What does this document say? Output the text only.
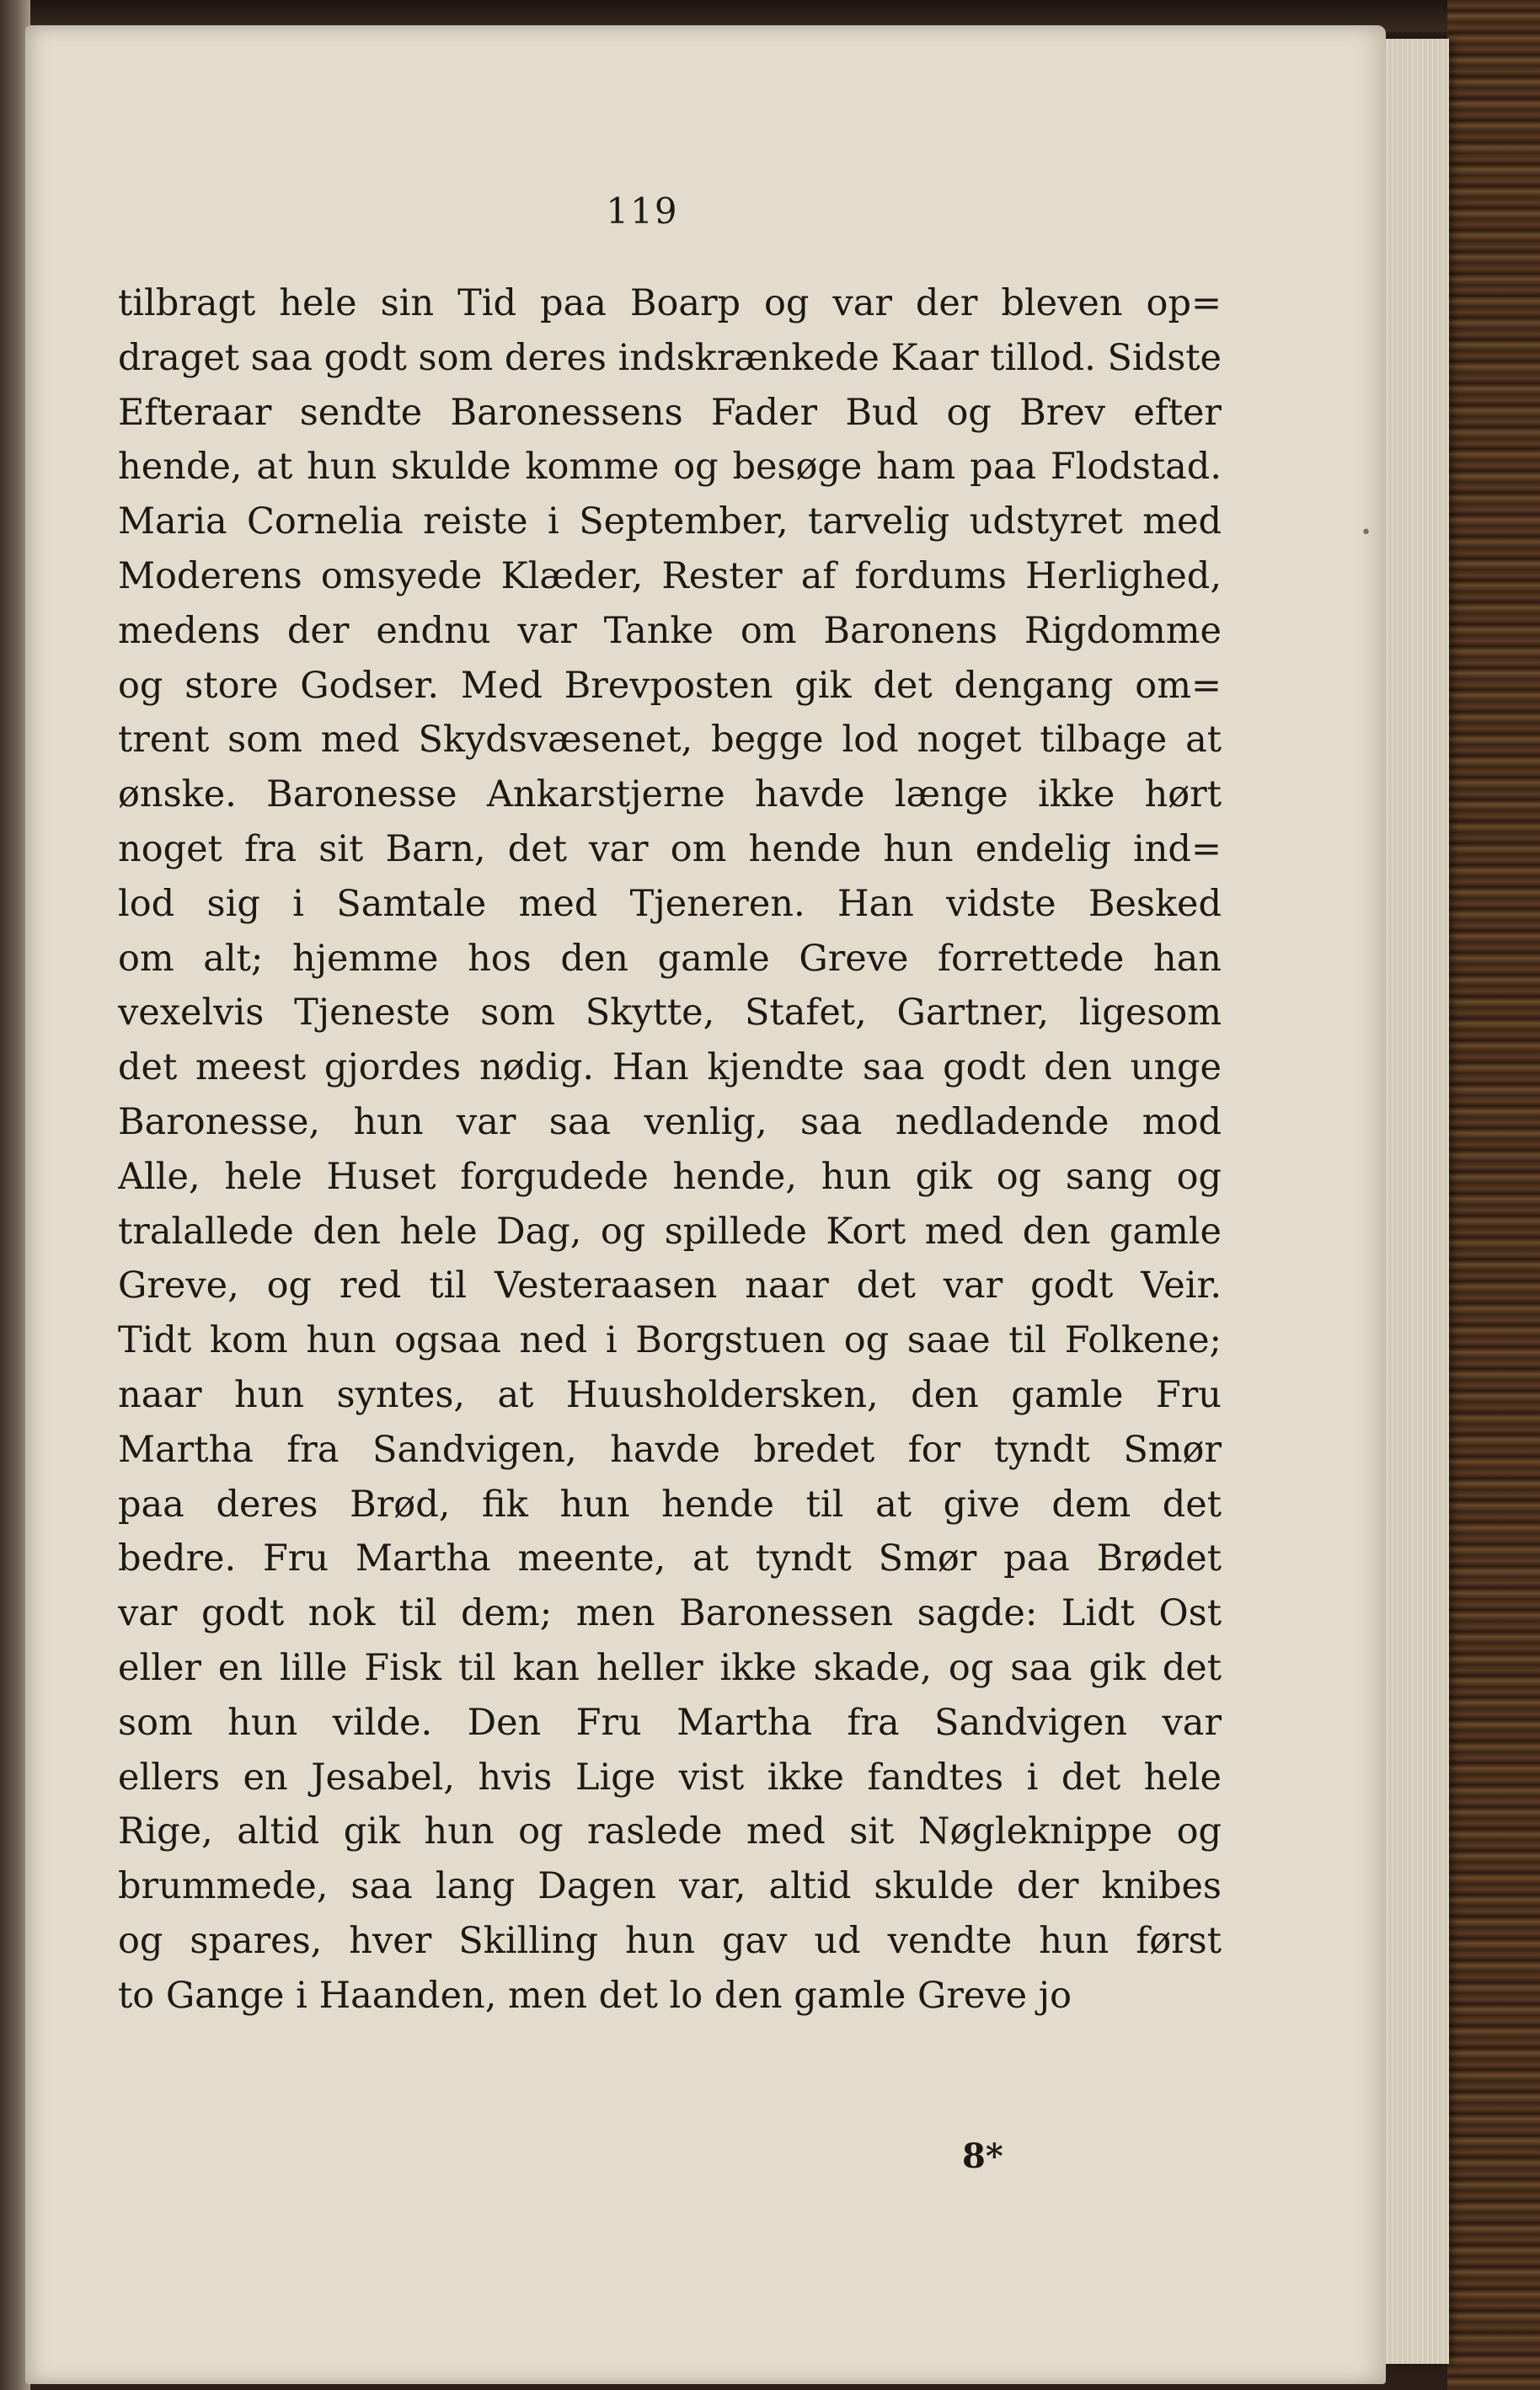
119
tilbragt hele sin Tid paa Boarp og var der bleven op=
draget saa godt som deres indskrænkede Kaar tillod. Sidste
Efteraar sendte Baronessens Fader Bud og Brev efter
hende, at hun skulde komme og besøge ham paa Flodstad.
Maria Cornelia reiste i September, tarvelig udstyret med
Moderens omsyede Klæder, Rester af fordums Herlighed,
medens der endnu var Tanke om Baronens Rigdomme
og store Godser. Med Brevposten gik det dengang om=
trent som med Skydsvæsenet, begge lod noget tilbage at
ønske. Baronesse Ankarstjerne havde længe ikke hørt
noget fra sit Barn, det var om hende hun endelig ind=
lod sig i Samtale med Tjeneren. Han vidste Besked
om alt; hjemme hos den gamle Greve forrettede han
vexelvis Tjeneste som Skytte, Stafet, Gartner, ligesom
det meest gjordes nødig. Han kjendte saa godt den unge
Baronesse, hun var saa venlig, saa nedladende mod
Alle, hele Huset forgudede hende, hun gik og sang og
tralallede den hele Dag, og spillede Kort med den gamle
Greve, og red til Vesteraasen naar det var godt Veir.
Tidt kom hun ogsaa ned i Borgstuen og saae til Folkene;
naar hun syntes, at Huusholdersken, den gamle Fru
Martha fra Sandvigen, havde bredet for tyndt Smør
paa deres Brød, fik hun hende til at give dem det
bedre. Fru Martha meente, at tyndt Smør paa Brødet
var godt nok til dem; men Baronessen sagde: Lidt Ost
eller en lille Fisk til kan heller ikke skade, og saa gik det
som hun vilde. Den Fru Martha fra Sandvigen var
ellers en Jesabel, hvis Lige vist ikke fandtes i det hele
Rige, altid gik hun og raslede med sit Nøgleknippe og
brummede, saa lang Dagen var, altid skulde der knibes
og spares, hver Skilling hun gav ud vendte hun først
to Gange i Haanden, men det lo den gamle Greve jo
8*
•
